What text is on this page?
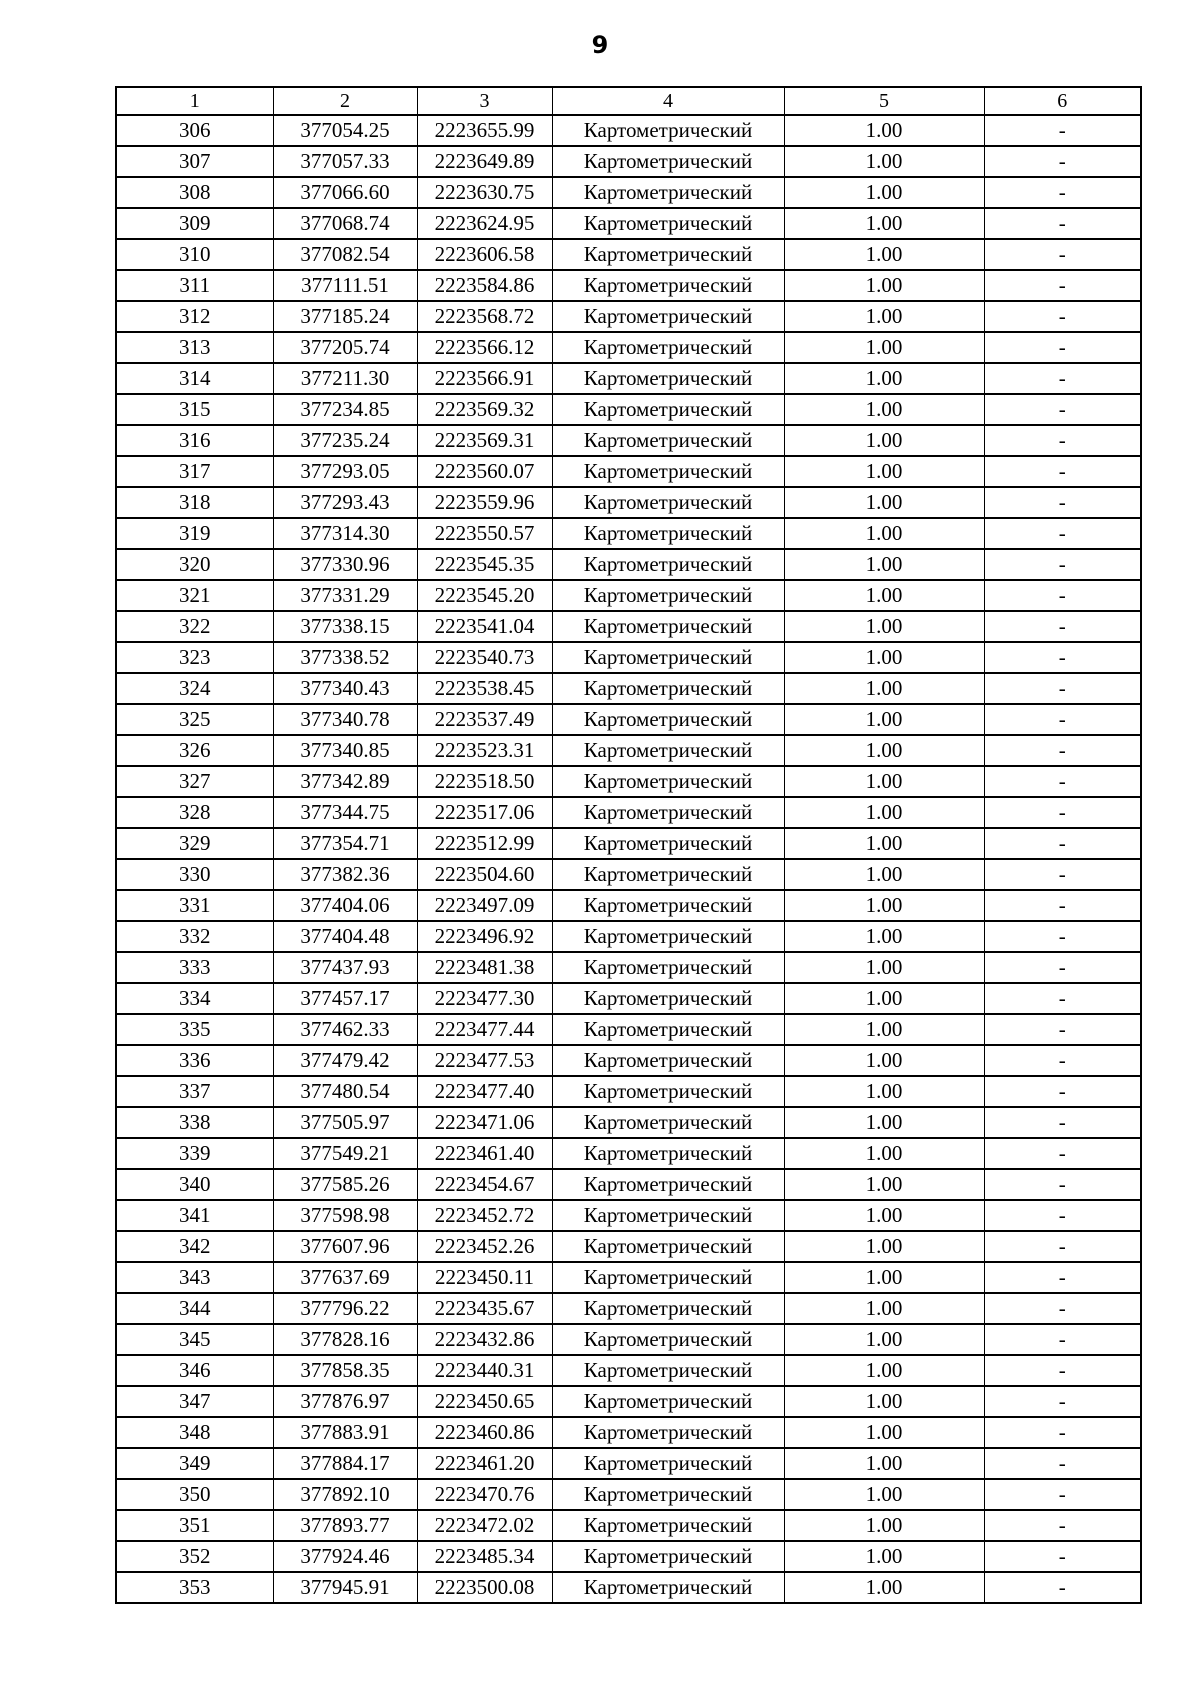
9
1	2	3	4	5	6
306	377054.25	2223655.99	Картометрический	1.00	-
307	377057.33	2223649.89	Картометрический	1.00	-
308	377066.60	2223630.75	Картометрический	1.00	-
309	377068.74	2223624.95	Картометрический	1.00	-
310	377082.54	2223606.58	Картометрический	1.00	-
311	377111.51	2223584.86	Картометрический	1.00	-
312	377185.24	2223568.72	Картометрический	1.00	-
313	377205.74	2223566.12	Картометрический	1.00	-
314	377211.30	2223566.91	Картометрический	1.00	-
315	377234.85	2223569.32	Картометрический	1.00	-
316	377235.24	2223569.31	Картометрический	1.00	-
317	377293.05	2223560.07	Картометрический	1.00	-
318	377293.43	2223559.96	Картометрический	1.00	-
319	377314.30	2223550.57	Картометрический	1.00	-
320	377330.96	2223545.35	Картометрический	1.00	-
321	377331.29	2223545.20	Картометрический	1.00	-
322	377338.15	2223541.04	Картометрический	1.00	-
323	377338.52	2223540.73	Картометрический	1.00	-
324	377340.43	2223538.45	Картометрический	1.00	-
325	377340.78	2223537.49	Картометрический	1.00	-
326	377340.85	2223523.31	Картометрический	1.00	-
327	377342.89	2223518.50	Картометрический	1.00	-
328	377344.75	2223517.06	Картометрический	1.00	-
329	377354.71	2223512.99	Картометрический	1.00	-
330	377382.36	2223504.60	Картометрический	1.00	-
331	377404.06	2223497.09	Картометрический	1.00	-
332	377404.48	2223496.92	Картометрический	1.00	-
333	377437.93	2223481.38	Картометрический	1.00	-
334	377457.17	2223477.30	Картометрический	1.00	-
335	377462.33	2223477.44	Картометрический	1.00	-
336	377479.42	2223477.53	Картометрический	1.00	-
337	377480.54	2223477.40	Картометрический	1.00	-
338	377505.97	2223471.06	Картометрический	1.00	-
339	377549.21	2223461.40	Картометрический	1.00	-
340	377585.26	2223454.67	Картометрический	1.00	-
341	377598.98	2223452.72	Картометрический	1.00	-
342	377607.96	2223452.26	Картометрический	1.00	-
343	377637.69	2223450.11	Картометрический	1.00	-
344	377796.22	2223435.67	Картометрический	1.00	-
345	377828.16	2223432.86	Картометрический	1.00	-
346	377858.35	2223440.31	Картометрический	1.00	-
347	377876.97	2223450.65	Картометрический	1.00	-
348	377883.91	2223460.86	Картометрический	1.00	-
349	377884.17	2223461.20	Картометрический	1.00	-
350	377892.10	2223470.76	Картометрический	1.00	-
351	377893.77	2223472.02	Картометрический	1.00	-
352	377924.46	2223485.34	Картометрический	1.00	-
353	377945.91	2223500.08	Картометрический	1.00	-
